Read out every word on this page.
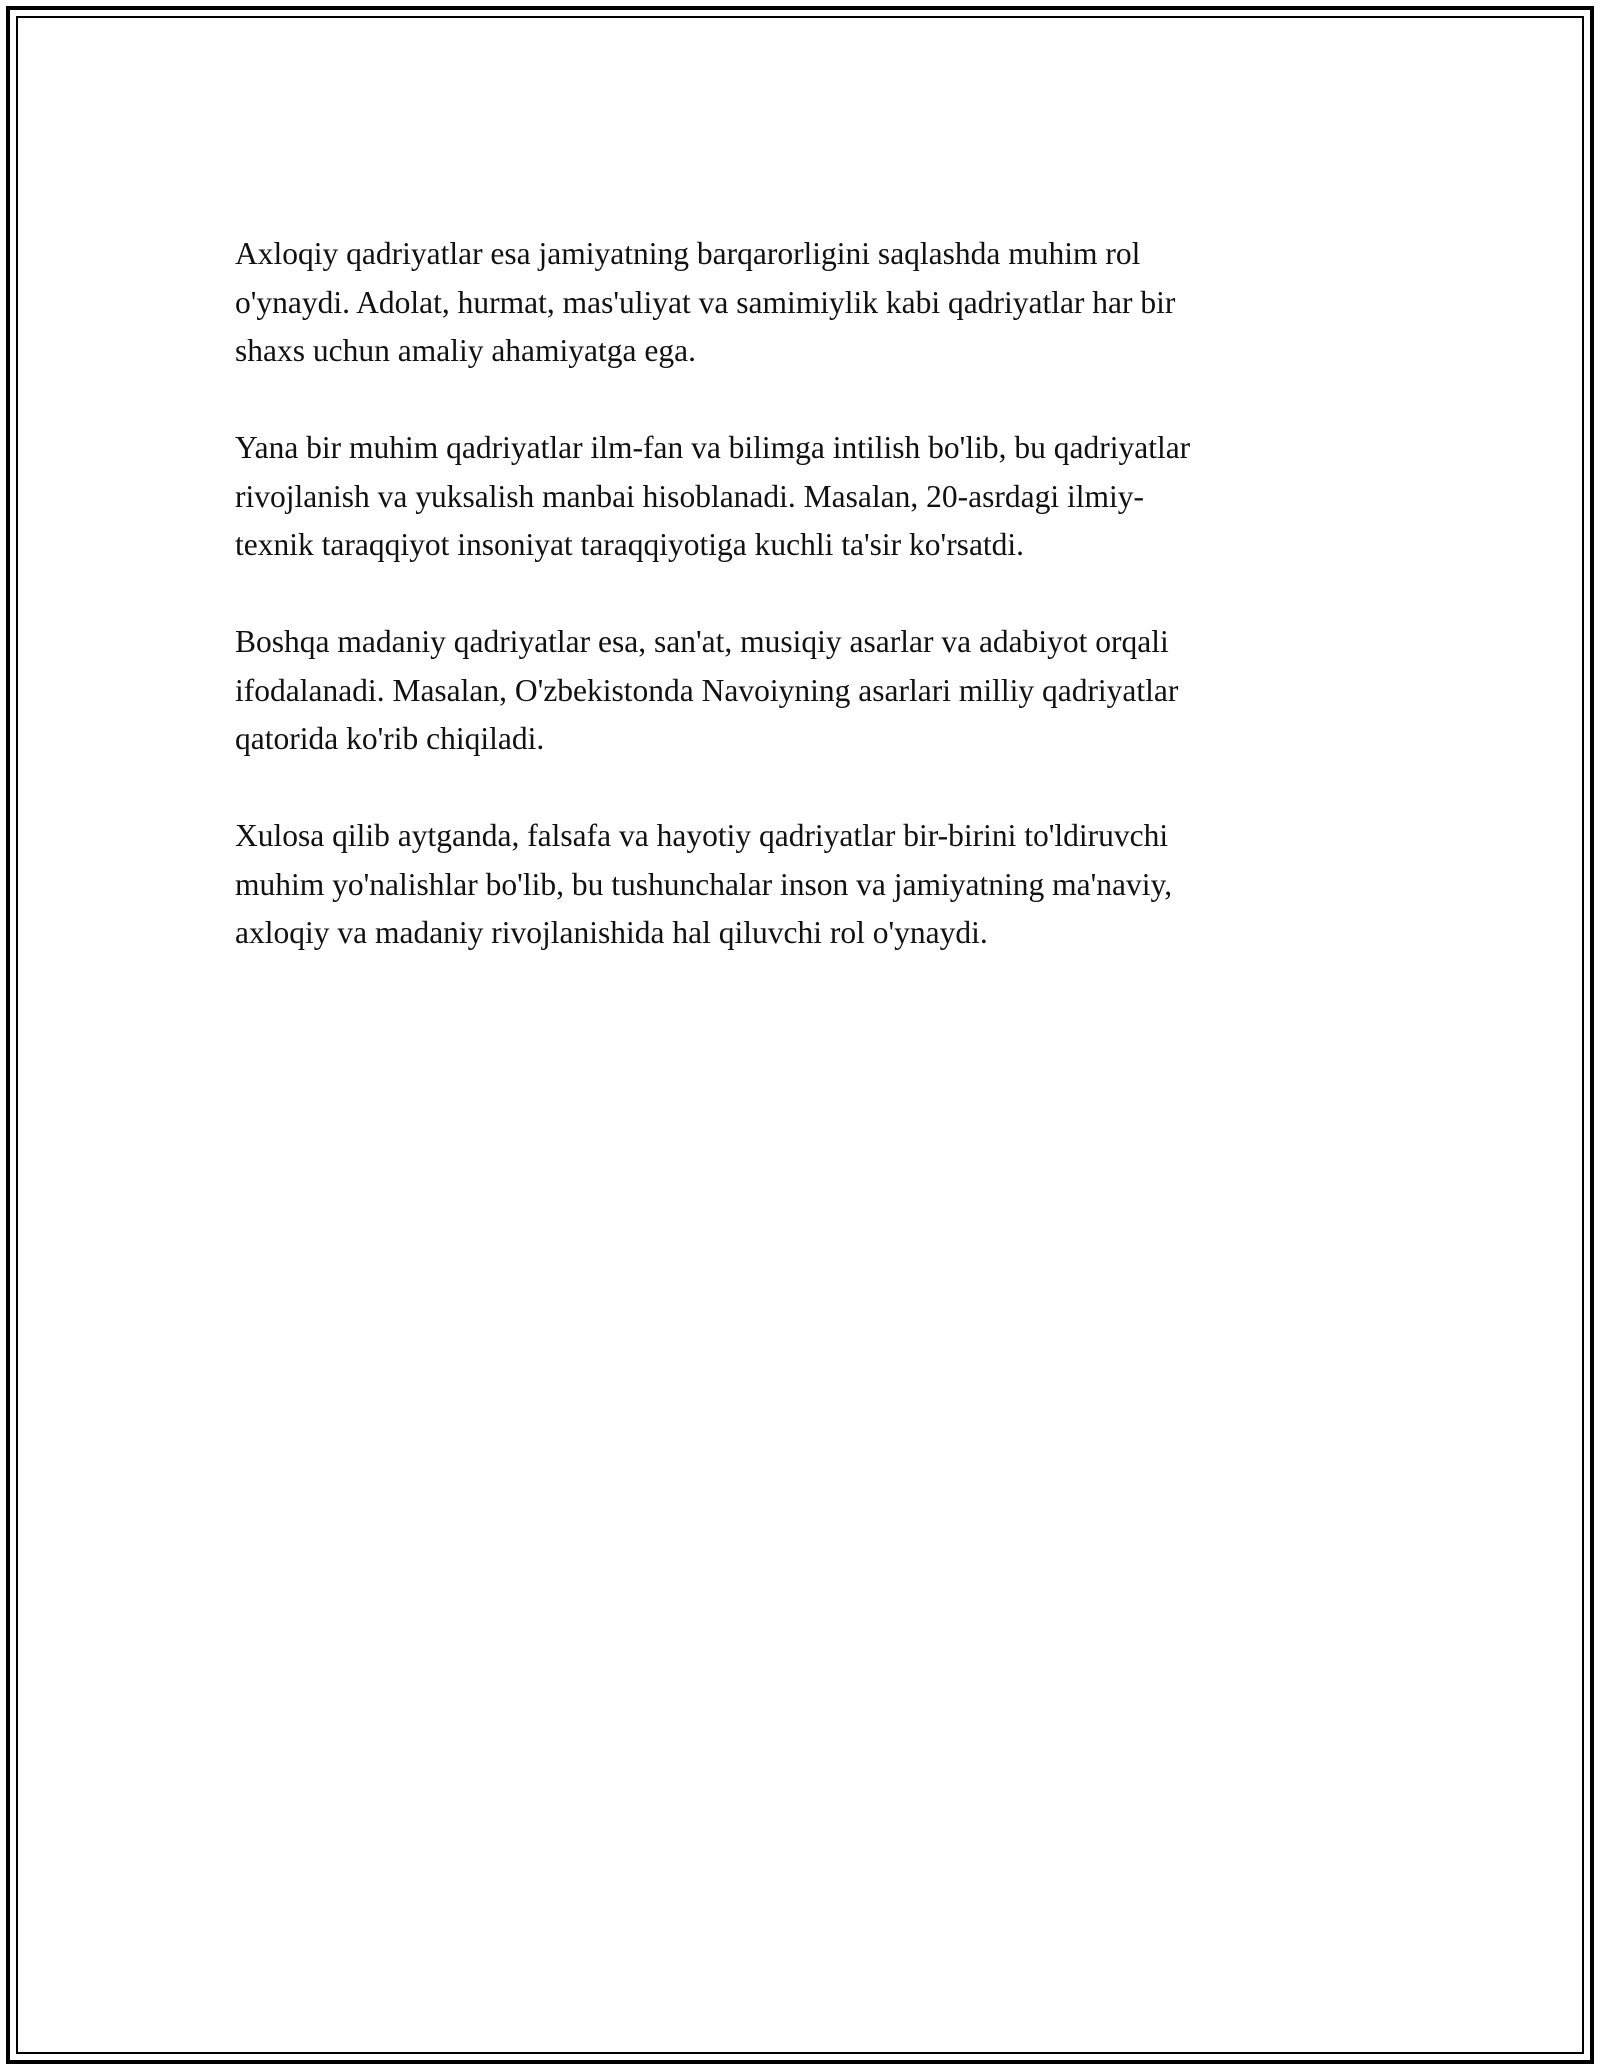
Axloqiy qadriyatlar esa jamiyatning barqarorligini saqlashda muhim rol
o'ynaydi. Adolat, hurmat, mas'uliyat va samimiylik kabi qadriyatlar har bir
shaxs uchun amaliy ahamiyatga ega.

Yana bir muhim qadriyatlar ilm-fan va bilimga intilish bo'lib, bu qadriyatlar
rivojlanish va yuksalish manbai hisoblanadi. Masalan, 20-asrdagi ilmiy-
texnik taraqqiyot insoniyat taraqqiyotiga kuchli ta'sir ko'rsatdi.

Boshqa madaniy qadriyatlar esa, san'at, musiqiy asarlar va adabiyot orqali
ifodalanadi. Masalan, O'zbekistonda Navoiyning asarlari milliy qadriyatlar
qatorida ko'rib chiqiladi.

Xulosa qilib aytganda, falsafa va hayotiy qadriyatlar bir-birini to'ldiruvchi
muhim yo'nalishlar bo'lib, bu tushunchalar inson va jamiyatning ma'naviy,
axloqiy va madaniy rivojlanishida hal qiluvchi rol o'ynaydi.
